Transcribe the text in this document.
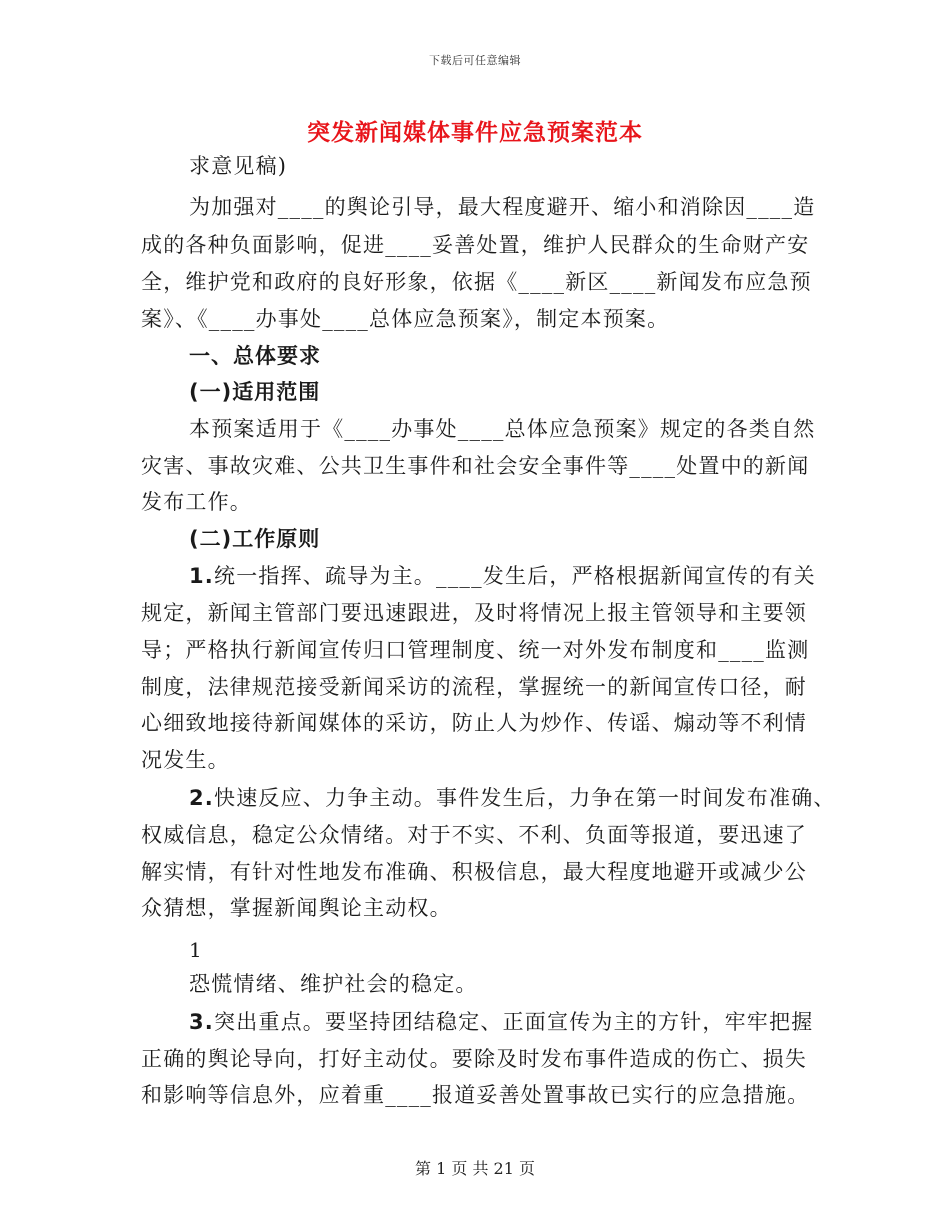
下载后可任意编辑
突发新闻媒体事件应急预案范本
求意见稿)
为加强对____的舆论引导，最大程度避开、缩小和消除因____造
成的各种负面影响，促进____妥善处置，维护人民群众的生命财产安
全，维护党和政府的良好形象，依据《____新区____新闻发布应急预
案》、《____办事处____总体应急预案》，制定本预案。
一、总体要求
(一)适用范围
本预案适用于《____办事处____总体应急预案》规定的各类自然
灾害、事故灾难、公共卫生事件和社会安全事件等____处置中的新闻
发布工作。
(二)工作原则
1.统一指挥、疏导为主。____发生后，严格根据新闻宣传的有关
规定，新闻主管部门要迅速跟进，及时将情况上报主管领导和主要领
导；严格执行新闻宣传归口管理制度、统一对外发布制度和____监测
制度，法律规范接受新闻采访的流程，掌握统一的新闻宣传口径，耐
心细致地接待新闻媒体的采访，防止人为炒作、传谣、煽动等不利情
况发生。
2.快速反应、力争主动。事件发生后，力争在第一时间发布准确、
权威信息，稳定公众情绪。对于不实、不利、负面等报道，要迅速了
解实情，有针对性地发布准确、积极信息，最大程度地避开或减少公
众猜想，掌握新闻舆论主动权。
1
恐慌情绪、维护社会的稳定。
3.突出重点。要坚持团结稳定、正面宣传为主的方针，牢牢把握
正确的舆论导向，打好主动仗。要除及时发布事件造成的伤亡、损失
和影响等信息外，应着重____报道妥善处置事故已实行的应急措施。
第 1 页 共 21 页
